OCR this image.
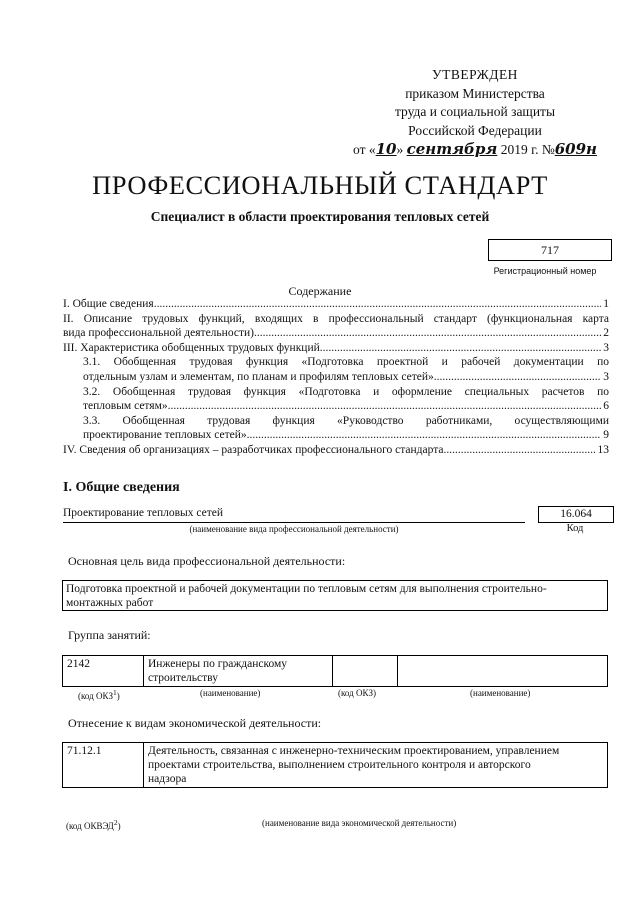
УТВЕРЖДЕН
приказом Министерства
труда и социальной защиты
Российской Федерации
от «10» сентября 2019 г. №609н
ПРОФЕССИОНАЛЬНЫЙ СТАНДАРТ
Специалист в области проектирования тепловых сетей
717
Регистрационный номер
Содержание
I. Общие сведения .....	1
II. Описание трудовых функций, входящих в профессиональный стандарт (функциональная карта
вида профессиональной деятельности) .....	2
III. Характеристика обобщенных трудовых функций .....	3
3.1. Обобщенная трудовая функция «Подготовка проектной и рабочей документации по
отдельным узлам и элементам, по планам и профилям тепловых сетей» .....	3
3.2. Обобщенная трудовая функция «Подготовка и оформление специальных расчетов по
тепловым сетям» .....	6
3.3. Обобщенная трудовая функция «Руководство работниками, осуществляющими
проектирование тепловых сетей» .....	9
IV. Сведения об организациях – разработчиках профессионального стандарта .....	13
I. Общие сведения
Проектирование тепловых сетей
(наименование вида профессиональной деятельности)
16.064
Код
Основная цель вида профессиональной деятельности:
Подготовка проектной и рабочей документации по тепловым сетям для выполнения строительно-
монтажных работ
Группа занятий:
2142	Инженеры по гражданскому
строительству

(код ОКЗ$^1$)	(наименование)	(код ОКЗ)	(наименование)
Отнесение к видам экономической деятельности:
71.12.1	Деятельность, связанная с инженерно-техническим проектированием, управлением
проектами строительства, выполнением строительного контроля и авторского
надзора
(код ОКВЭД$^2$)	(наименование вида экономической деятельности)
